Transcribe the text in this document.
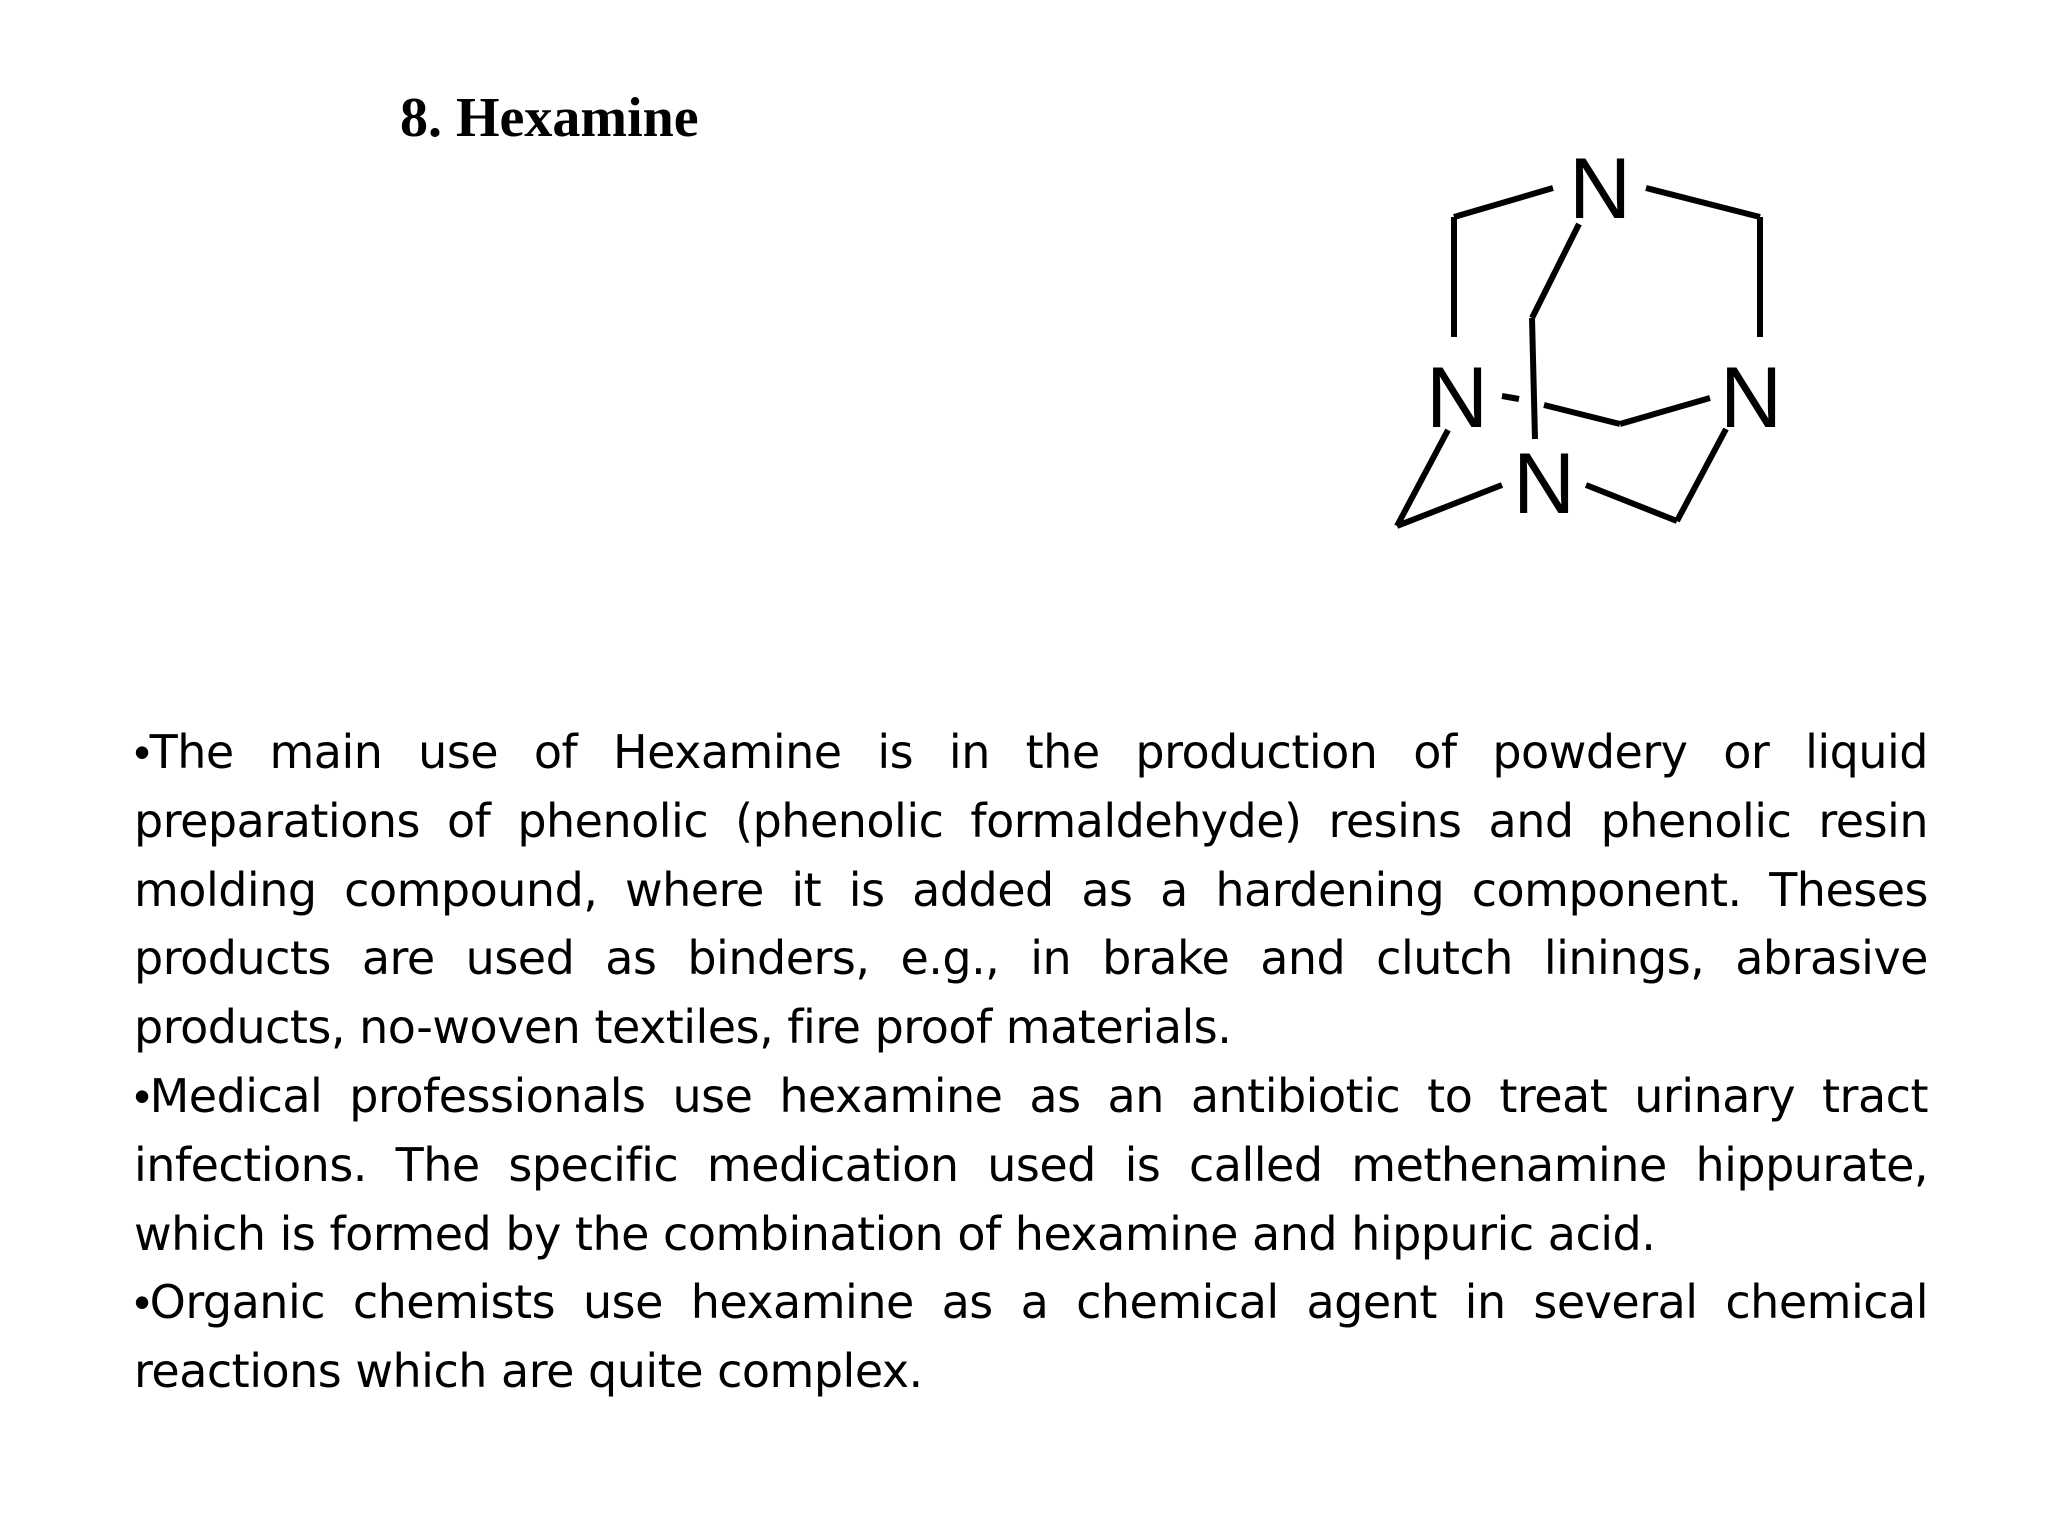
8. Hexamine
N
N	N
N
•The main use of Hexamine is in the production of powdery or liquid preparations of phenolic (phenolic formaldehyde) resins and phenolic resin molding compound, where it is added as a hardening component. Theses products are used as binders, e.g., in brake and clutch linings, abrasive products, no-woven textiles, fire proof materials.
•Medical professionals use hexamine as an antibiotic to treat urinary tract infections. The specific medication used is called methenamine hippurate, which is formed by the combination of hexamine and hippuric acid.
•Organic chemists use hexamine as a chemical agent in several chemical reactions which are quite complex.
